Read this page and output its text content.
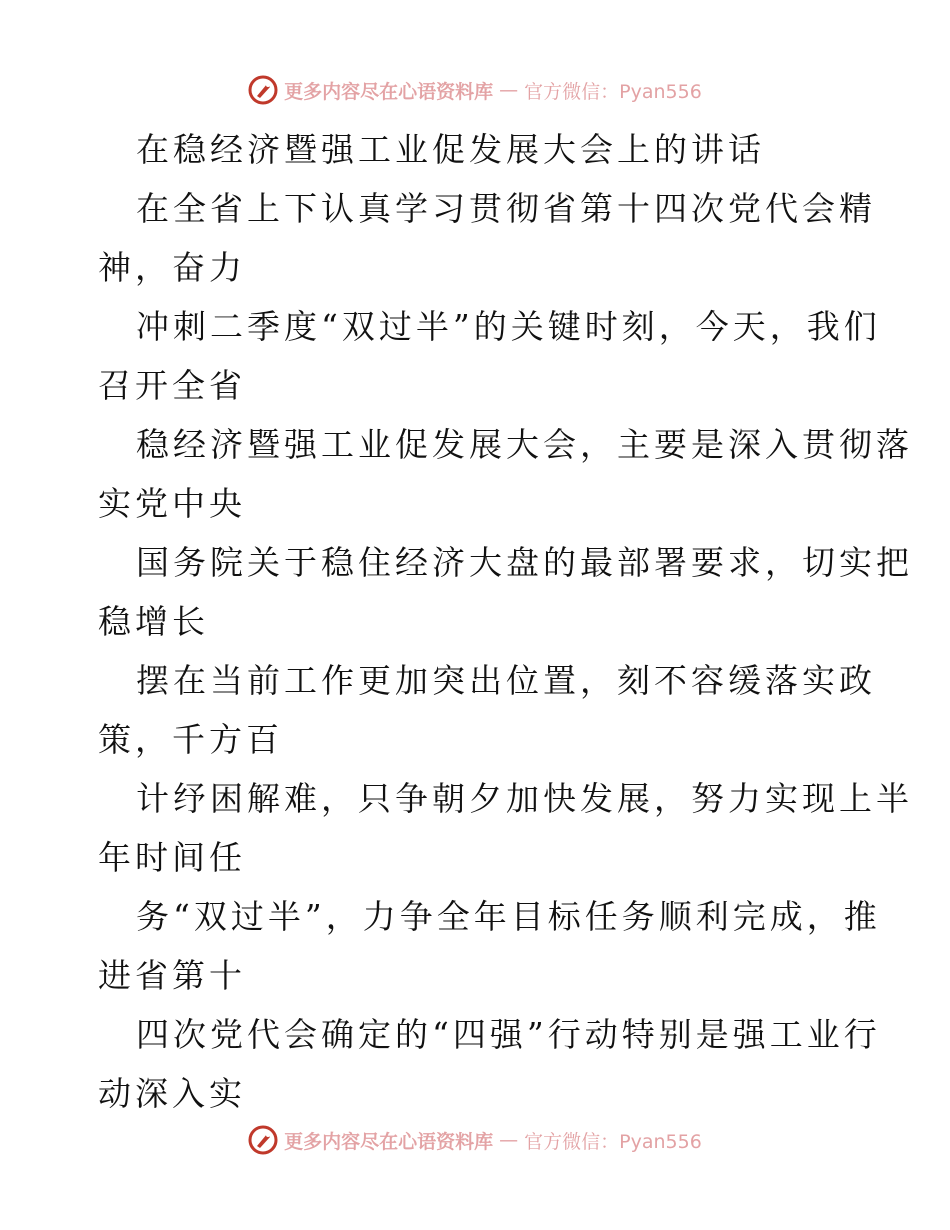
更多内容尽在心语资料库 — 官方微信：Pyan556
在稳经济暨强工业促发展大会上的讲话
在全省上下认真学习贯彻省第十四次党代会精
神，奋力
冲刺二季度“双过半”的关键时刻，今天，我们
召开全省
稳经济暨强工业促发展大会，主要是深入贯彻落
实党中央
国务院关于稳住经济大盘的最部署要求，切实把
稳增长
摆在当前工作更加突出位置，刻不容缓落实政
策，千方百
计纾困解难，只争朝夕加快发展，努力实现上半
年时间任
务“双过半”，力争全年目标任务顺利完成，推
进省第十
四次党代会确定的“四强”行动特别是强工业行
动深入实
更多内容尽在心语资料库 — 官方微信：Pyan556
